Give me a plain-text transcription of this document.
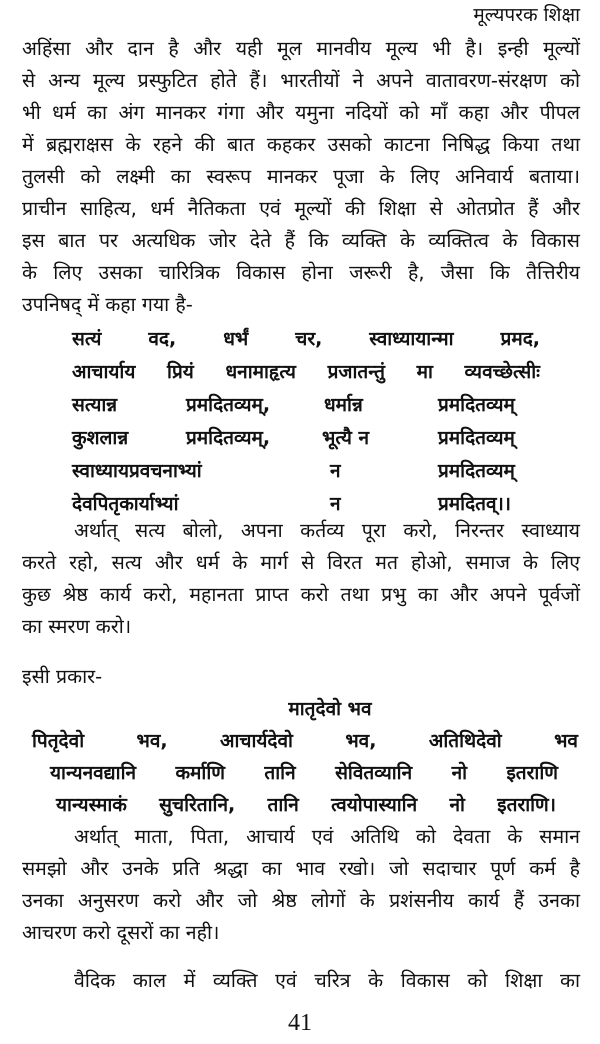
मूल्यपरक शिक्षा
अहिंसा और दान है और यही मूल मानवीय मूल्य भी है। इन्ही मूल्यों
से अन्य मूल्य प्रस्फुटित होते हैं। भारतीयों ने अपने वातावरण-संरक्षण को
भी धर्म का अंग मानकर गंगा और यमुना नदियों को माँ कहा और पीपल
में ब्रह्मराक्षस के रहने की बात कहकर उसको काटना निषिद्ध किया तथा
तुलसी को लक्ष्मी का स्वरूप मानकर पूजा के लिए अनिवार्य बताया।
प्राचीन साहित्य, धर्म नैतिकता एवं मूल्यों की शिक्षा से ओतप्रोत हैं और
इस बात पर अत्यधिक जोर देते हैं कि व्यक्ति के व्यक्तित्व के विकास
के लिए उसका चारित्रिक विकास होना जरूरी है, जैसा कि तैत्तिरीय
उपनिषद् में कहा गया है-
सत्यं वद, धर्भं चर, स्वाध्यायान्मा प्रमद,
आचार्याय प्रियं धनामाहृत्य प्रजातन्तुं मा व्यवच्छेत्सीः
सत्यान्न	प्रमदितव्यम्,	धर्मान्न	प्रमदितव्यम्
कुशलान्न	प्रमदितव्यम्,	भूत्यै न	प्रमदितव्यम्
स्वाध्यायप्रवचनाभ्यां	न	प्रमदितव्यम्
देवपितृकार्याभ्यां	न	प्रमदितव्।।
अर्थात् सत्य बोलो, अपना कर्तव्य पूरा करो, निरन्तर स्वाध्याय
करते रहो, सत्य और धर्म के मार्ग से विरत मत होओ, समाज के लिए
कुछ श्रेष्ठ कार्य करो, महानता प्राप्त करो तथा प्रभु का और अपने पूर्वजों
का स्मरण करो।
इसी प्रकार-
मातृदेवो भव
पितृदेवो भव, आचार्यदेवो भव, अतिथिदेवो भव
यान्यनवद्यानि कर्माणि तानि सेवितव्यानि नो इतराणि
यान्यस्माकं सुचरितानि, तानि त्वयोपास्यानि नो इतराणि।
अर्थात् माता, पिता, आचार्य एवं अतिथि को देवता के समान
समझो और उनके प्रति श्रद्धा का भाव रखो। जो सदाचार पूर्ण कर्म है
उनका अनुसरण करो और जो श्रेष्ठ लोगों के प्रशंसनीय कार्य हैं उनका
आचरण करो दूसरों का नही।
वैदिक काल में व्यक्ति एवं चरित्र के विकास को शिक्षा का
41
